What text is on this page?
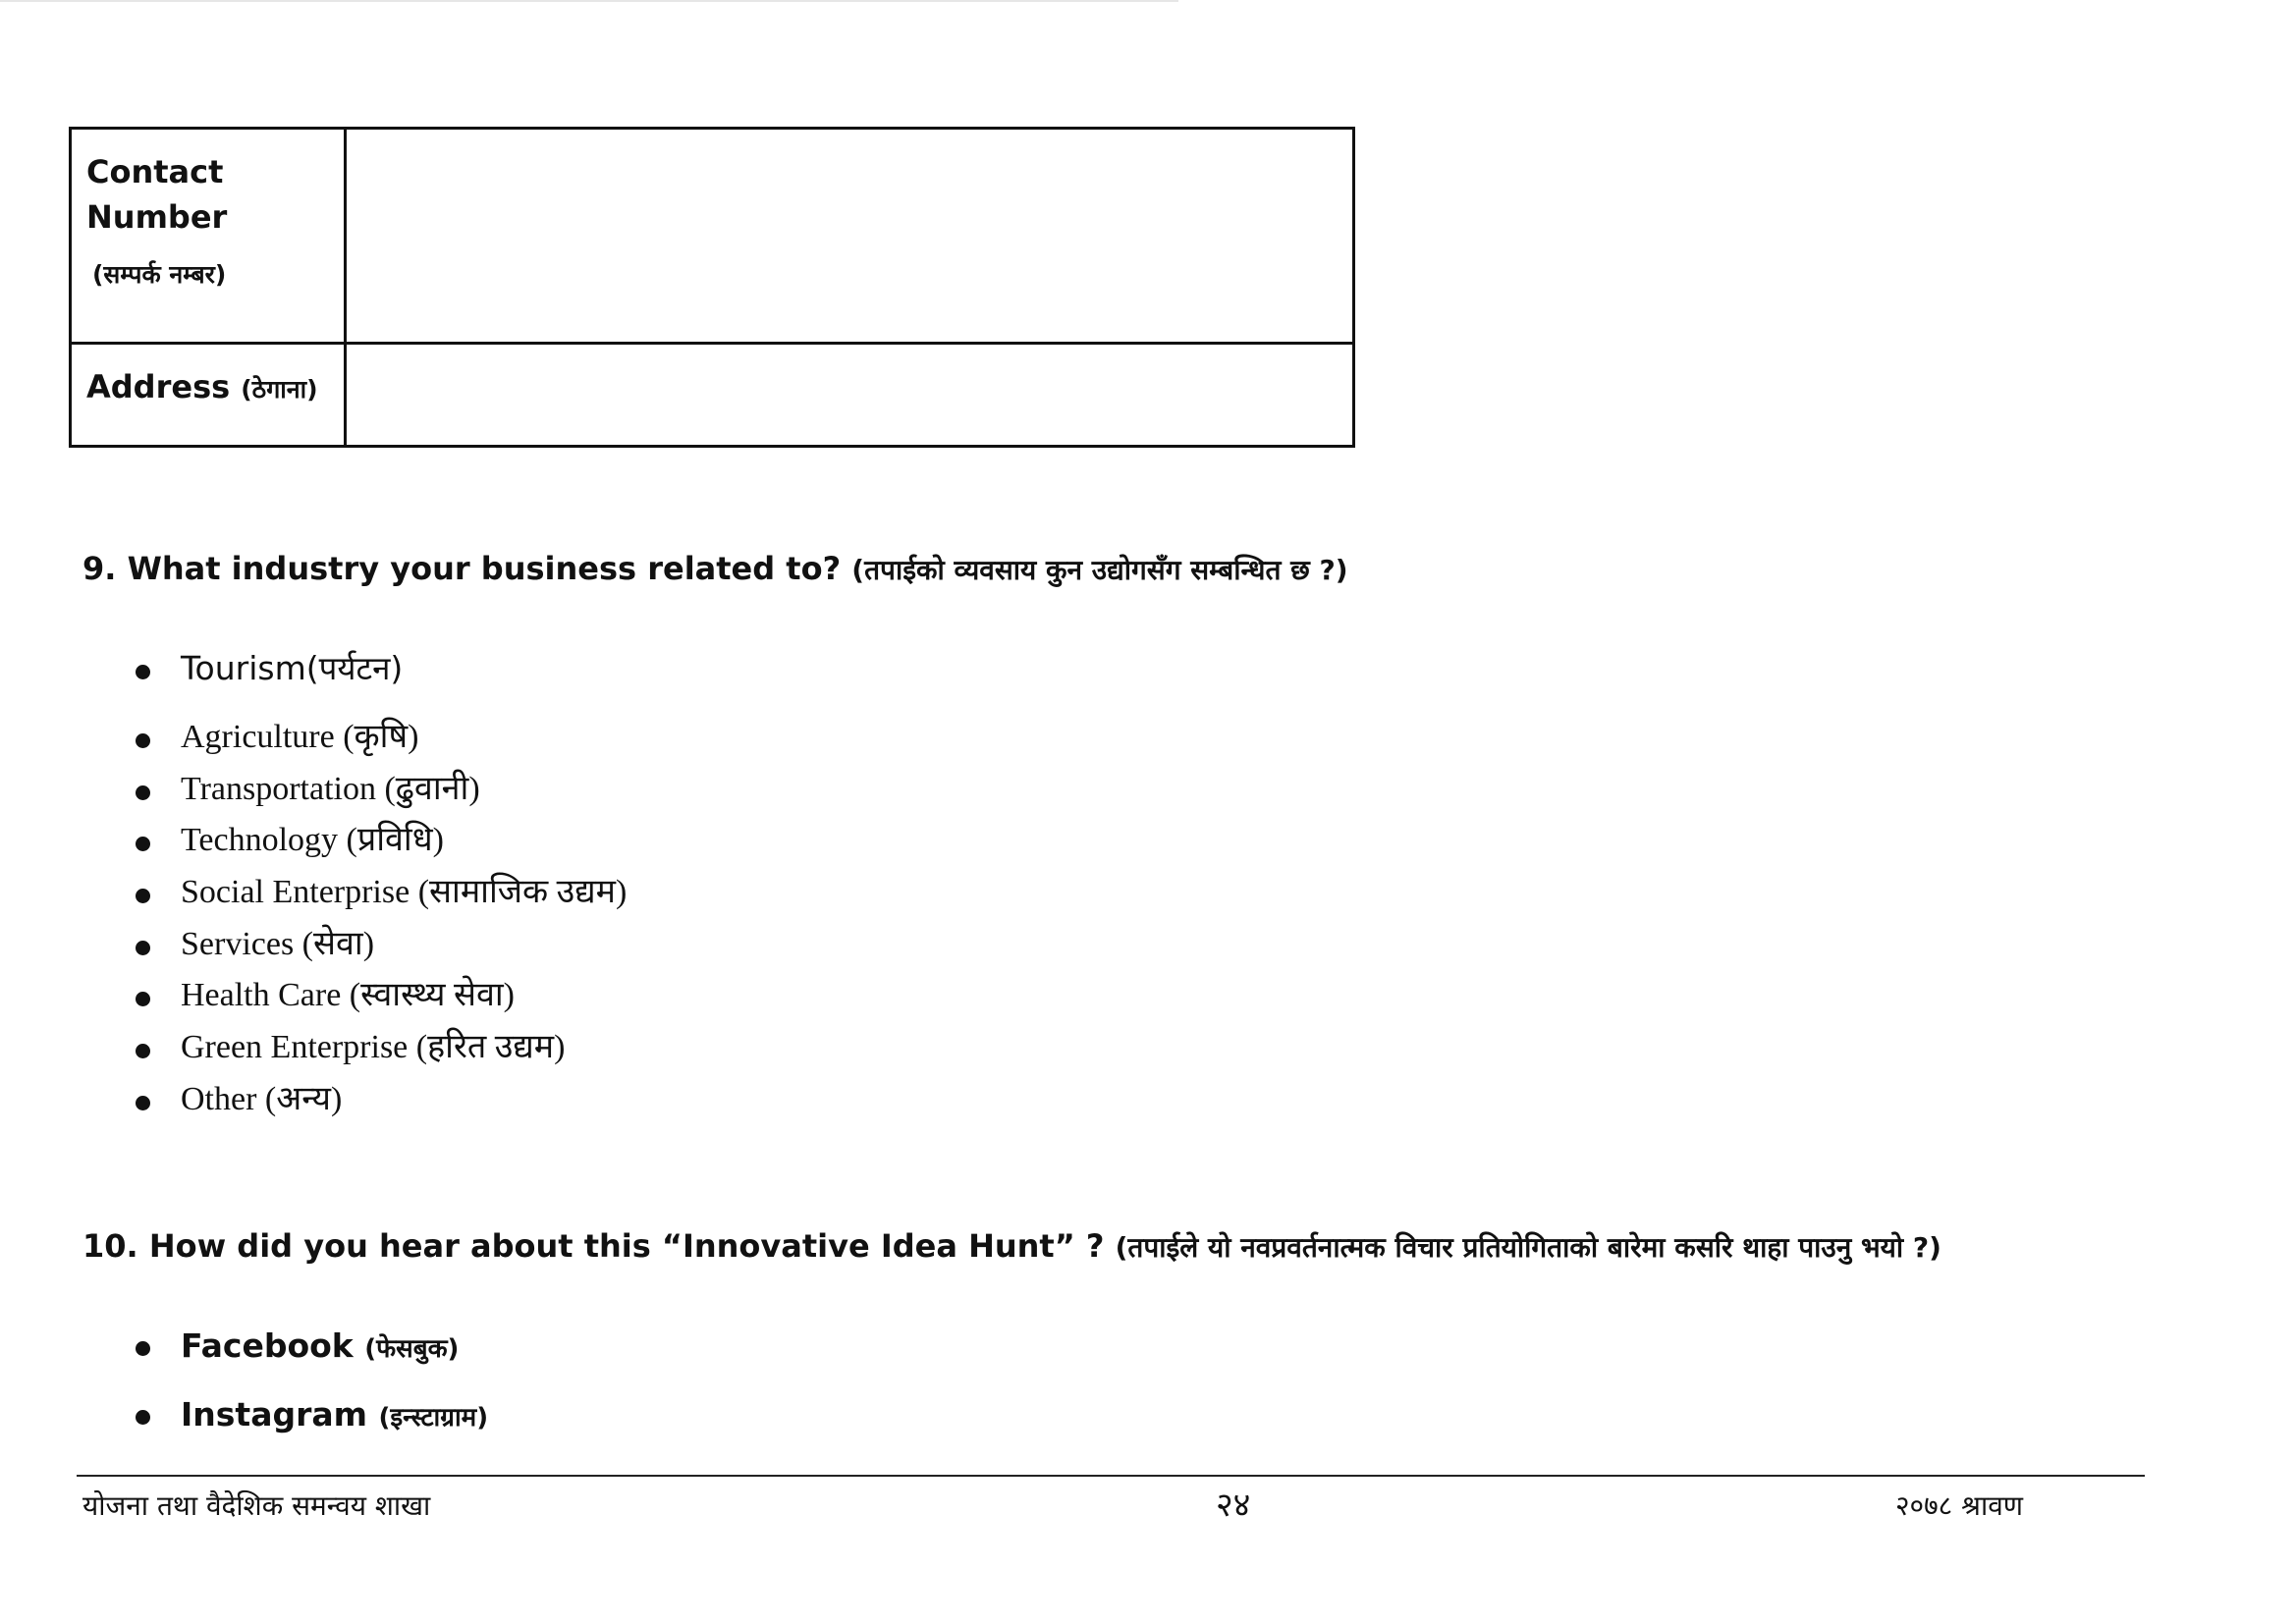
Contact Number
(सम्पर्क नम्बर)	

Address (ठेगाना)	
9. What industry your business related to? (तपाईको व्यवसाय कुन उद्योगसँग सम्बन्धित छ ?)
Tourism(पर्यटन)
Agriculture (कृषि)
Transportation (ढुवानी)
Technology (प्रविधि)
Social Enterprise (सामाजिक उद्यम)
Services (सेवा)
Health Care (स्वास्थ्य सेवा)
Green Enterprise (हरित उद्यम)
Other (अन्य)
10. How did you hear about this “Innovative Idea Hunt” ? (तपाईले यो नवप्रवर्तनात्मक विचार प्रतियोगिताको बारेमा कसरि थाहा पाउनु भयो ?)
Facebook (फेसबुक)
Instagram (इन्स्टाग्राम)
योजना तथा वैदेशिक समन्वय शाखा	२४	२०७८ श्रावण
